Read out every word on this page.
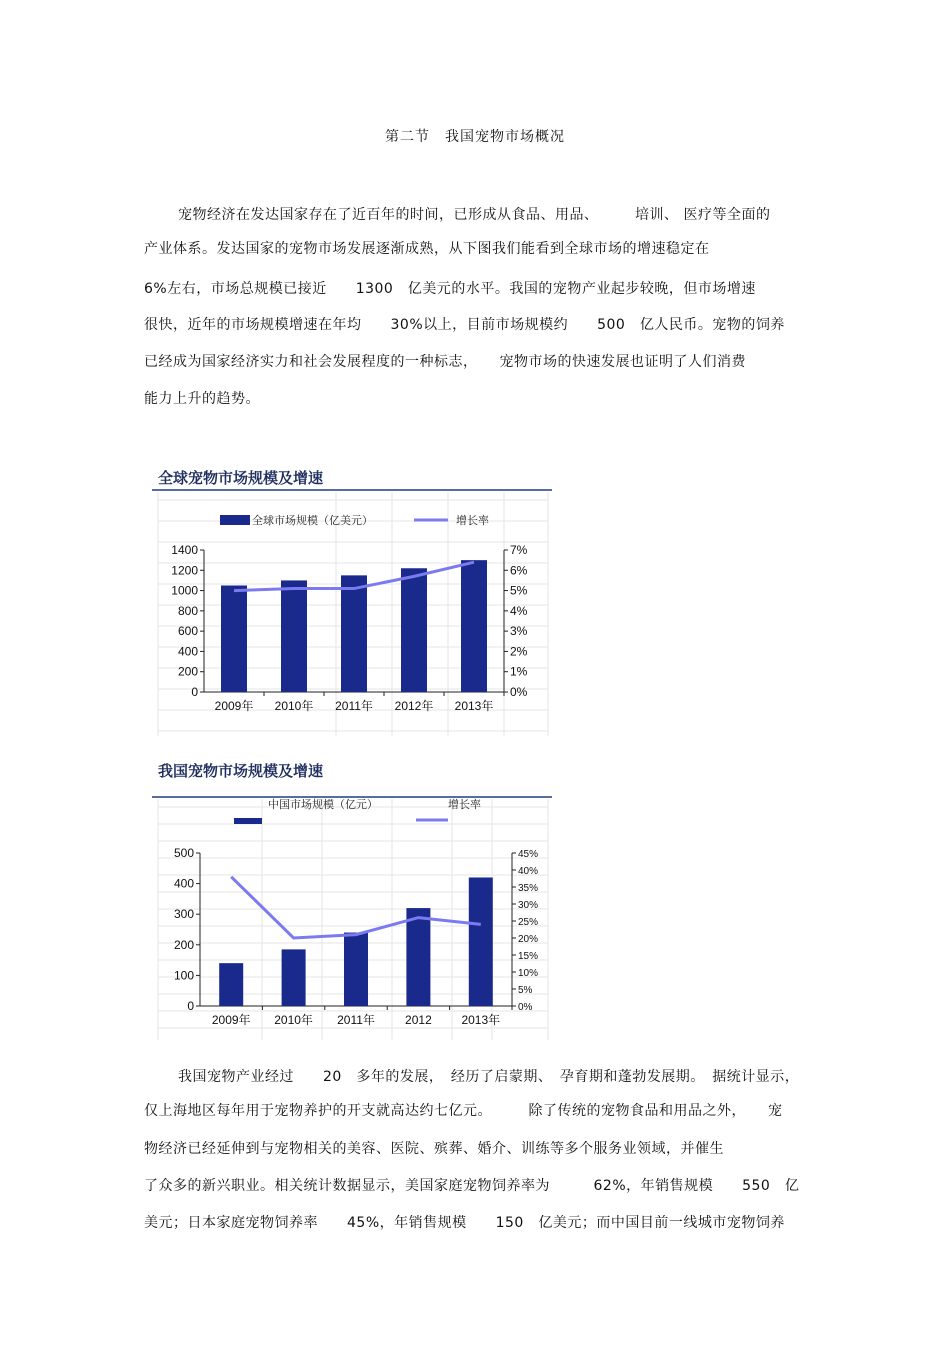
第二节　我国宠物市场概况
宠物经济在发达国家存在了近百年的时间，已形成从食品、用品、　　　培训、 医疗等全面的
产业体系。发达国家的宠物市场发展逐渐成熟，从下图我们能看到全球市场的增速稳定在
6%左右，市场总规模已接近　　1300　亿美元的水平。我国的宠物产业起步较晚，但市场增速
很快，近年的市场规模增速在年均　　30%以上，目前市场规模约　　500　亿人民币。宠物的饲养
已经成为国家经济实力和社会发展程度的一种标志，　　宠物市场的快速发展也证明了人们消费
能力上升的趋势。
全球宠物市场规模及增速
全球市场规模（亿美元）	增长率
1400
1200
1000
800
600
400
200
0
7%
6%
5%
4%
3%
2%
1%
0%
2009年 2010年 2011年 2012年 2013年
我国宠物市场规模及增速
中国市场规模（亿元）	增长率
500
400
300
200
100
0
45%
40%
35%
30%
25%
20%
15%
10%
5%
0%
2009年 2010年 2011年	2012 2013年
我国宠物产业经过　　20　多年的发展，　经历了启蒙期、　孕育期和蓬勃发展期。　据统计显示，
仅上海地区每年用于宠物养护的开支就高达约七亿元。　　　除了传统的宠物食品和用品之外，　　宠
物经济已经延伸到与宠物相关的美容、医院、殡葬、婚介、训练等多个服务业领域，并催生
了众多的新兴职业。相关统计数据显示，美国家庭宠物饲养率为　　　62%，年销售规模　　550　亿
美元；日本家庭宠物饲养率　　45%，年销售规模　　150　亿美元；而中国目前一线城市宠物饲养
